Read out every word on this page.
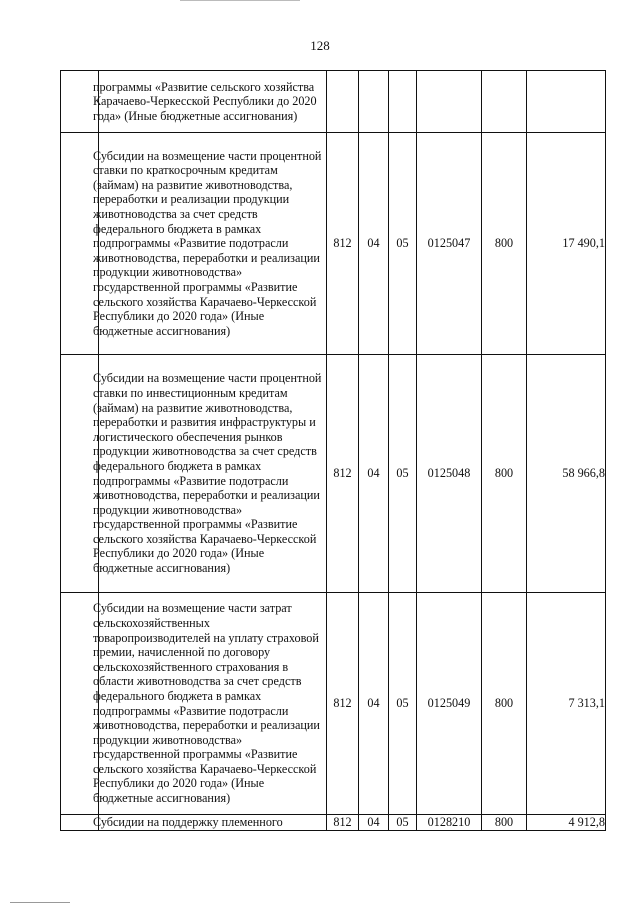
128

	программы «Развитие сельского хозяйства Карачаево-Черкесской Республики до 2020 года» (Иные бюджетные ассигнования)						

	Субсидии на возмещение части процентной ставки по краткосрочным кредитам (займам) на развитие животноводства, переработки и реализации продукции животноводства за счет средств федерального бюджета в рамках подпрограммы «Развитие подотрасли животноводства, переработки и реализации продукции животноводства» государственной программы «Развитие сельского хозяйства Карачаево-Черкесской Республики до 2020 года» (Иные бюджетные ассигнования)	812	04	05	0125047	800	17 490,1

	Субсидии на возмещение части процентной ставки по инвестиционным кредитам (займам) на развитие животноводства, переработки и развития инфраструктуры и логистического обеспечения рынков продукции животноводства за счет средств федерального бюджета в рамках подпрограммы «Развитие подотрасли животноводства, переработки и реализации продукции животноводства» государственной программы «Развитие сельского хозяйства Карачаево-Черкесской Республики до 2020 года» (Иные бюджетные ассигнования)	812	04	05	0125048	800	58 966,8

	Субсидии на возмещение части затрат сельскохозяйственных товаропроизводителей на уплату страховой премии, начисленной по договору сельскохозяйственного страхования в области животноводства за счет средств федерального бюджета в рамках подпрограммы «Развитие подотрасли животноводства, переработки и реализации продукции животноводства» государственной программы «Развитие сельского хозяйства Карачаево-Черкесской Республики до 2020 года» (Иные бюджетные ассигнования)	812	04	05	0125049	800	7 313,1

	Субсидии на поддержку племенного	812	04	05	0128210	800	4 912,8
